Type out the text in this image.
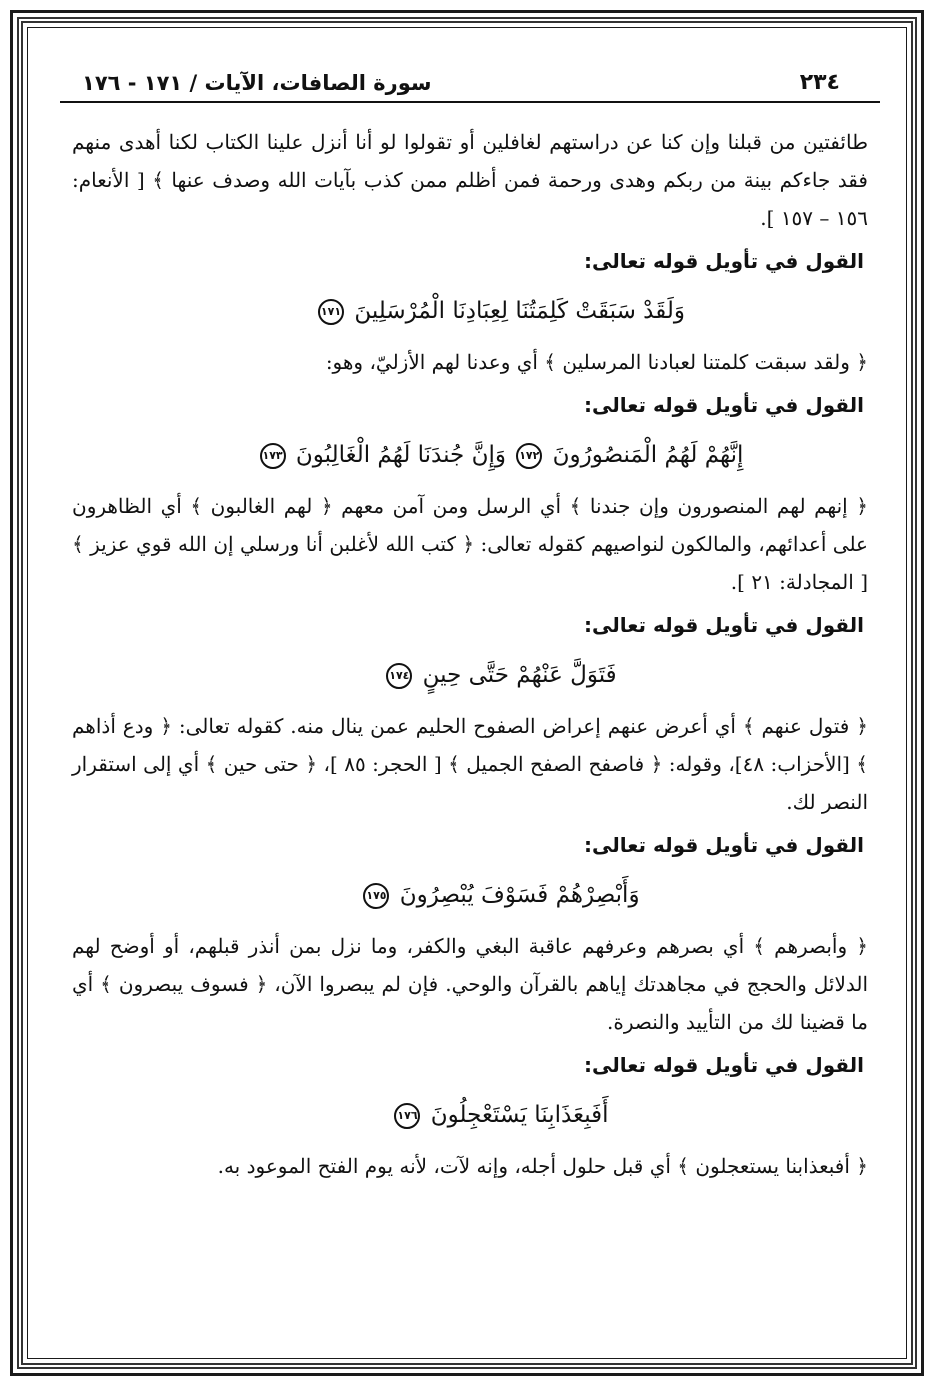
٢٣٤
سورة الصافات، الآيات / ١٧١ - ١٧٦

طائفتين من قبلنا وإن كنا عن دراستهم لغافلين أو تقولوا لو أنا أنزل علينا الكتاب لكنا أهدى منهم فقد جاءكم بينة من ربكم وهدى ورحمة فمن أظلم ممن كذب بآيات الله وصدف عنها ﴾ [ الأنعام: ١٥٦ – ١٥٧ ].

القول في تأويل قوله تعالى:
وَلَقَدْ سَبَقَتْ كَلِمَتُنَا لِعِبَادِنَا الْمُرْسَلِينَ ١٧١

﴿ ولقد سبقت كلمتنا لعبادنا المرسلين ﴾ أي وعدنا لهم الأزليّ، وهو:

القول في تأويل قوله تعالى:
إِنَّهُمْ لَهُمُ الْمَنصُورُونَ ١٧٢ وَإِنَّ جُندَنَا لَهُمُ الْغَالِبُونَ ١٧٣

﴿ إنهم لهم المنصورون وإن جندنا ﴾ أي الرسل ومن آمن معهم ﴿ لهم الغالبون ﴾ أي الظاهرون على أعدائهم، والمالكون لنواصيهم كقوله تعالى: ﴿ كتب الله لأغلبن أنا ورسلي إن الله قوي عزيز ﴾ [ المجادلة: ٢١ ].

القول في تأويل قوله تعالى:
فَتَوَلَّ عَنْهُمْ حَتَّى حِينٍ ١٧٤

﴿ فتول عنهم ﴾ أي أعرض عنهم إعراض الصفوح الحليم عمن ينال منه. كقوله تعالى: ﴿ ودع أذاهم ﴾ [الأحزاب: ٤٨]، وقوله: ﴿ فاصفح الصفح الجميل ﴾ [ الحجر: ٨٥ ]، ﴿ حتى حين ﴾ أي إلى استقرار النصر لك.

القول في تأويل قوله تعالى:
وَأَبْصِرْهُمْ فَسَوْفَ يُبْصِرُونَ ١٧٥

﴿ وأبصرهم ﴾ أي بصرهم وعرفهم عاقبة البغي والكفر، وما نزل بمن أنذر قبلهم، أو أوضح لهم الدلائل والحجج في مجاهدتك إياهم بالقرآن والوحي. فإن لم يبصروا الآن، ﴿ فسوف يبصرون ﴾ أي ما قضينا لك من التأييد والنصرة.

القول في تأويل قوله تعالى:
أَفَبِعَذَابِنَا يَسْتَعْجِلُونَ ١٧٦

﴿ أفبعذابنا يستعجلون ﴾ أي قبل حلول أجله، وإنه لآت، لأنه يوم الفتح الموعود به.
